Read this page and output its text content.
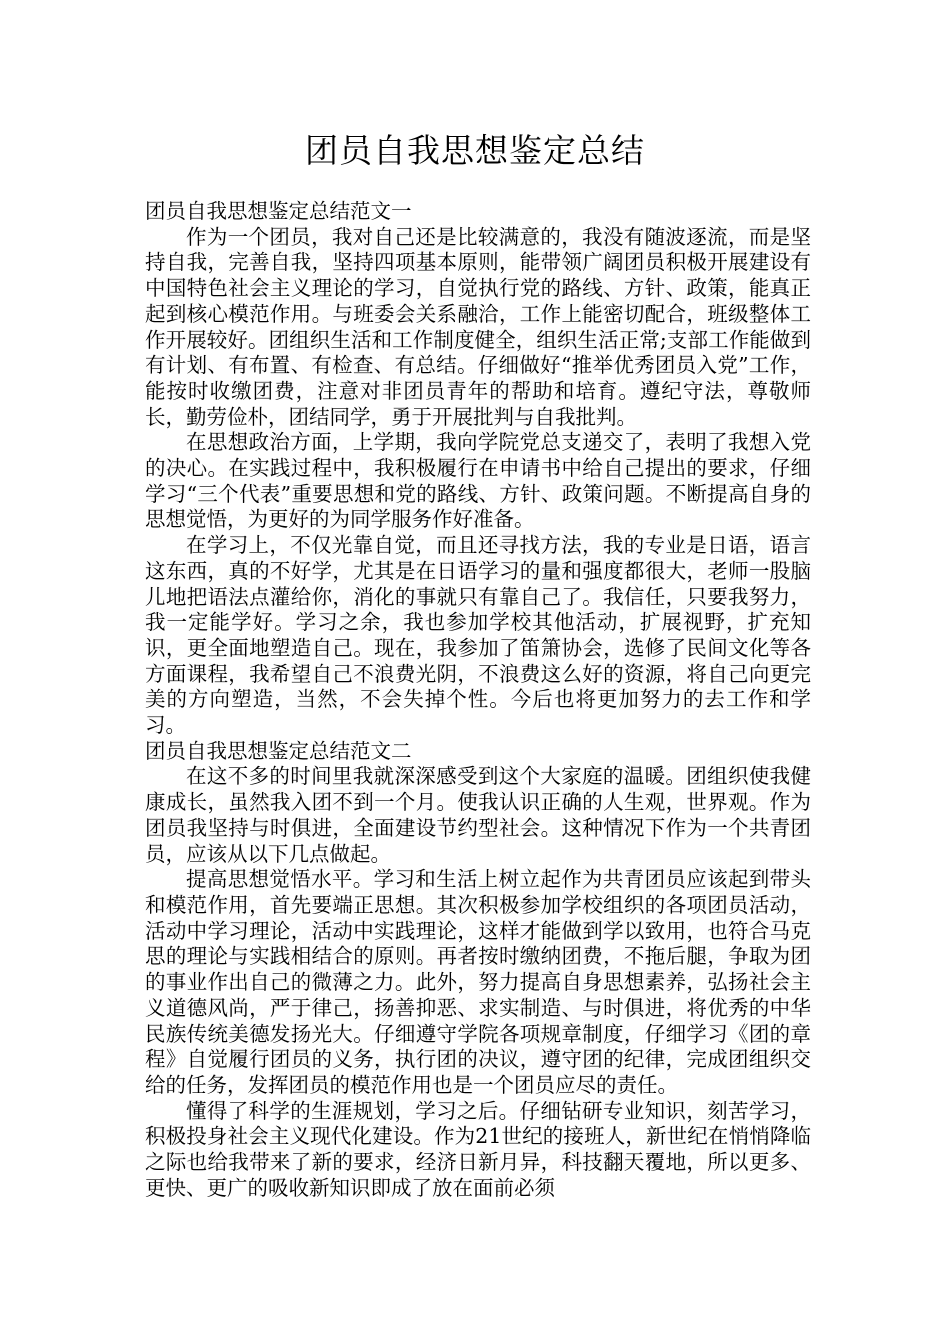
团员自我思想鉴定总结

团员自我思想鉴定总结范文一

作为一个团员，我对自己还是比较满意的，我没有随波逐流，而是坚持自我，完善自我，坚持四项基本原则，能带领广阔团员积极开展建设有中国特色社会主义理论的学习，自觉执行党的路线、方针、政策，能真正起到核心模范作用。与班委会关系融洽，工作上能密切配合，班级整体工作开展较好。团组织生活和工作制度健全，组织生活正常;支部工作能做到有计划、有布置、有检查、有总结。仔细做好“推举优秀团员入党”工作，能按时收缴团费，注意对非团员青年的帮助和培育。遵纪守法，尊敬师长，勤劳俭朴，团结同学，勇于开展批判与自我批判。

在思想政治方面，上学期，我向学院党总支递交了，表明了我想入党的决心。在实践过程中，我积极履行在申请书中给自己提出的要求，仔细学习“三个代表”重要思想和党的路线、方针、政策问题。不断提高自身的思想觉悟，为更好的为同学服务作好准备。

在学习上，不仅光靠自觉，而且还寻找方法，我的专业是日语，语言这东西，真的不好学，尤其是在日语学习的量和强度都很大，老师一股脑儿地把语法点灌给你，消化的事就只有靠自己了。我信任，只要我努力，我一定能学好。学习之余，我也参加学校其他活动，扩展视野，扩充知识，更全面地塑造自己。现在，我参加了笛箫协会，选修了民间文化等各方面课程，我希望自己不浪费光阴，不浪费这么好的资源，将自己向更完美的方向塑造，当然，不会失掉个性。今后也将更加努力的去工作和学习。

团员自我思想鉴定总结范文二

在这不多的时间里我就深深感受到这个大家庭的温暖。团组织使我健康成长，虽然我入团不到一个月。使我认识正确的人生观，世界观。作为团员我坚持与时俱进，全面建设节约型社会。这种情况下作为一个共青团员，应该从以下几点做起。

提高思想觉悟水平。学习和生活上树立起作为共青团员应该起到带头和模范作用，首先要端正思想。其次积极参加学校组织的各项团员活动，活动中学习理论，活动中实践理论，这样才能做到学以致用，也符合马克思的理论与实践相结合的原则。再者按时缴纳团费，不拖后腿，争取为团的事业作出自己的微薄之力。此外，努力提高自身思想素养，弘扬社会主义道德风尚，严于律己，扬善抑恶、求实制造、与时俱进，将优秀的中华民族传统美德发扬光大。仔细遵守学院各项规章制度，仔细学习《团的章程》自觉履行团员的义务，执行团的决议，遵守团的纪律，完成团组织交给的任务，发挥团员的模范作用也是一个团员应尽的责任。

懂得了科学的生涯规划，学习之后。仔细钻研专业知识，刻苦学习，积极投身社会主义现代化建设。作为21世纪的接班人，新世纪在悄悄降临之际也给我带来了新的要求，经济日新月异，科技翻天覆地，所以更多、更快、更广的吸收新知识即成了放在面前必须
